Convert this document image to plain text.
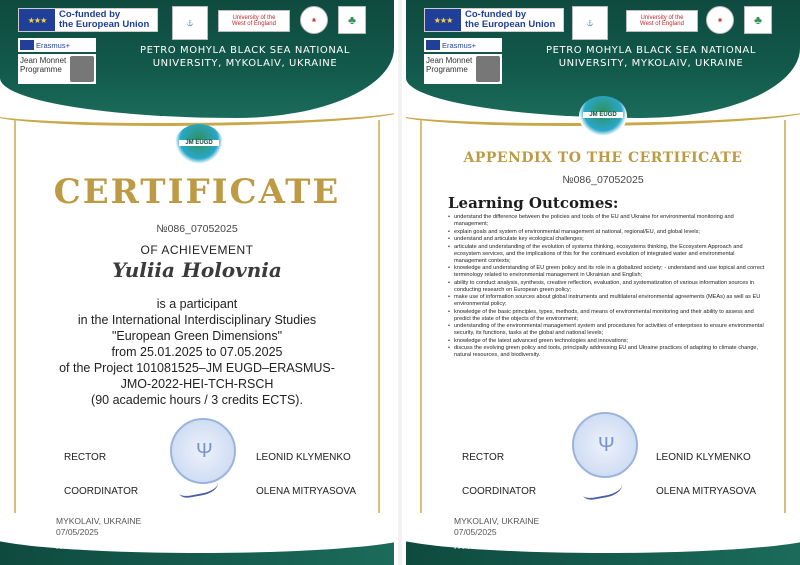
★★★	Co-funded by
the European Union	⚓
University of the
West of England
❀	♣
Erasmus+
Jean Monnet
Programme
PETRO MOHYLA BLACK SEA NATIONAL
UNIVERSITY, MYKOLAIV, UKRAINE
JM EUGD
CERTIFICATE
№086_07052025
OF ACHIEVEMENT
Yuliia Holovnia
is a participant
in the International Interdisciplinary Studies
"European Green Dimensions"
from 25.01.2025 to 07.05.2025
of the Project 101081525–JM EUGD–ERASMUS-
JMO-2022-HEI-TCH-RSCH
(90 academic hours / 3 credits ECTS).
Ψ
RECTOR	LEONID KLYMENKO
COORDINATOR	OLENA MITRYASOVA
MYKOLAIV, UKRAINE
07/05/2025
HTTPS://EUGREENDIMENSIONS.CHMNU.EDU.UA
★★★	Co-funded by
the European Union	⚓
University of the
West of England
❀	♣
Erasmus+
Jean Monnet
Programme
PETRO MOHYLA BLACK SEA NATIONAL
UNIVERSITY, MYKOLAIV, UKRAINE
JM EUGD
APPENDIX TO THE CERTIFICATE
№086_07052025
Learning Outcomes:
• understand the difference between the policies and tools of the EU and Ukraine for environmental monitoring and management;
• explain goals and system of environmental management at national, regional/EU, and global levels;
• understand and articulate key ecological challenges;
• articulate and understanding of the evolution of systems thinking, ecosystems thinking, the Ecosystem Approach and ecosystem services, and the implications of this for the continued evolution of integrated water and environmental management contexts;
• knowledge and understanding of EU green policy and its role in a globalized society; - understand and use topical and correct terminology related to environmental management in Ukrainian and English;
• ability to conduct analysis, synthesis, creative reflection, evaluation, and systematization of various information sources in conducting research on European green policy;
• make use of information sources about global instruments and multilateral environmental agreements (MEAs) as well as EU environmental policy;
• knowledge of the basic principles, types, methods, and means of environmental monitoring and their ability to assess and predict the state of the objects of the environment;
• understanding of the environmental management system and procedures for activities of enterprises to ensure environmental security, its functions, tasks at the global and national levels;
• knowledge of the latest advanced green technologies and innovations;
• discuss the evolving green policy and tools, principally addressing EU and Ukraine practices of adapting to climate change, natural resources, and biodiversity.
Ψ
RECTOR	LEONID KLYMENKO
COORDINATOR	OLENA MITRYASOVA
MYKOLAIV, UKRAINE
07/05/2025
HTTPS://EUGREENDIMENSIONS.CHMNU.EDU.UA
